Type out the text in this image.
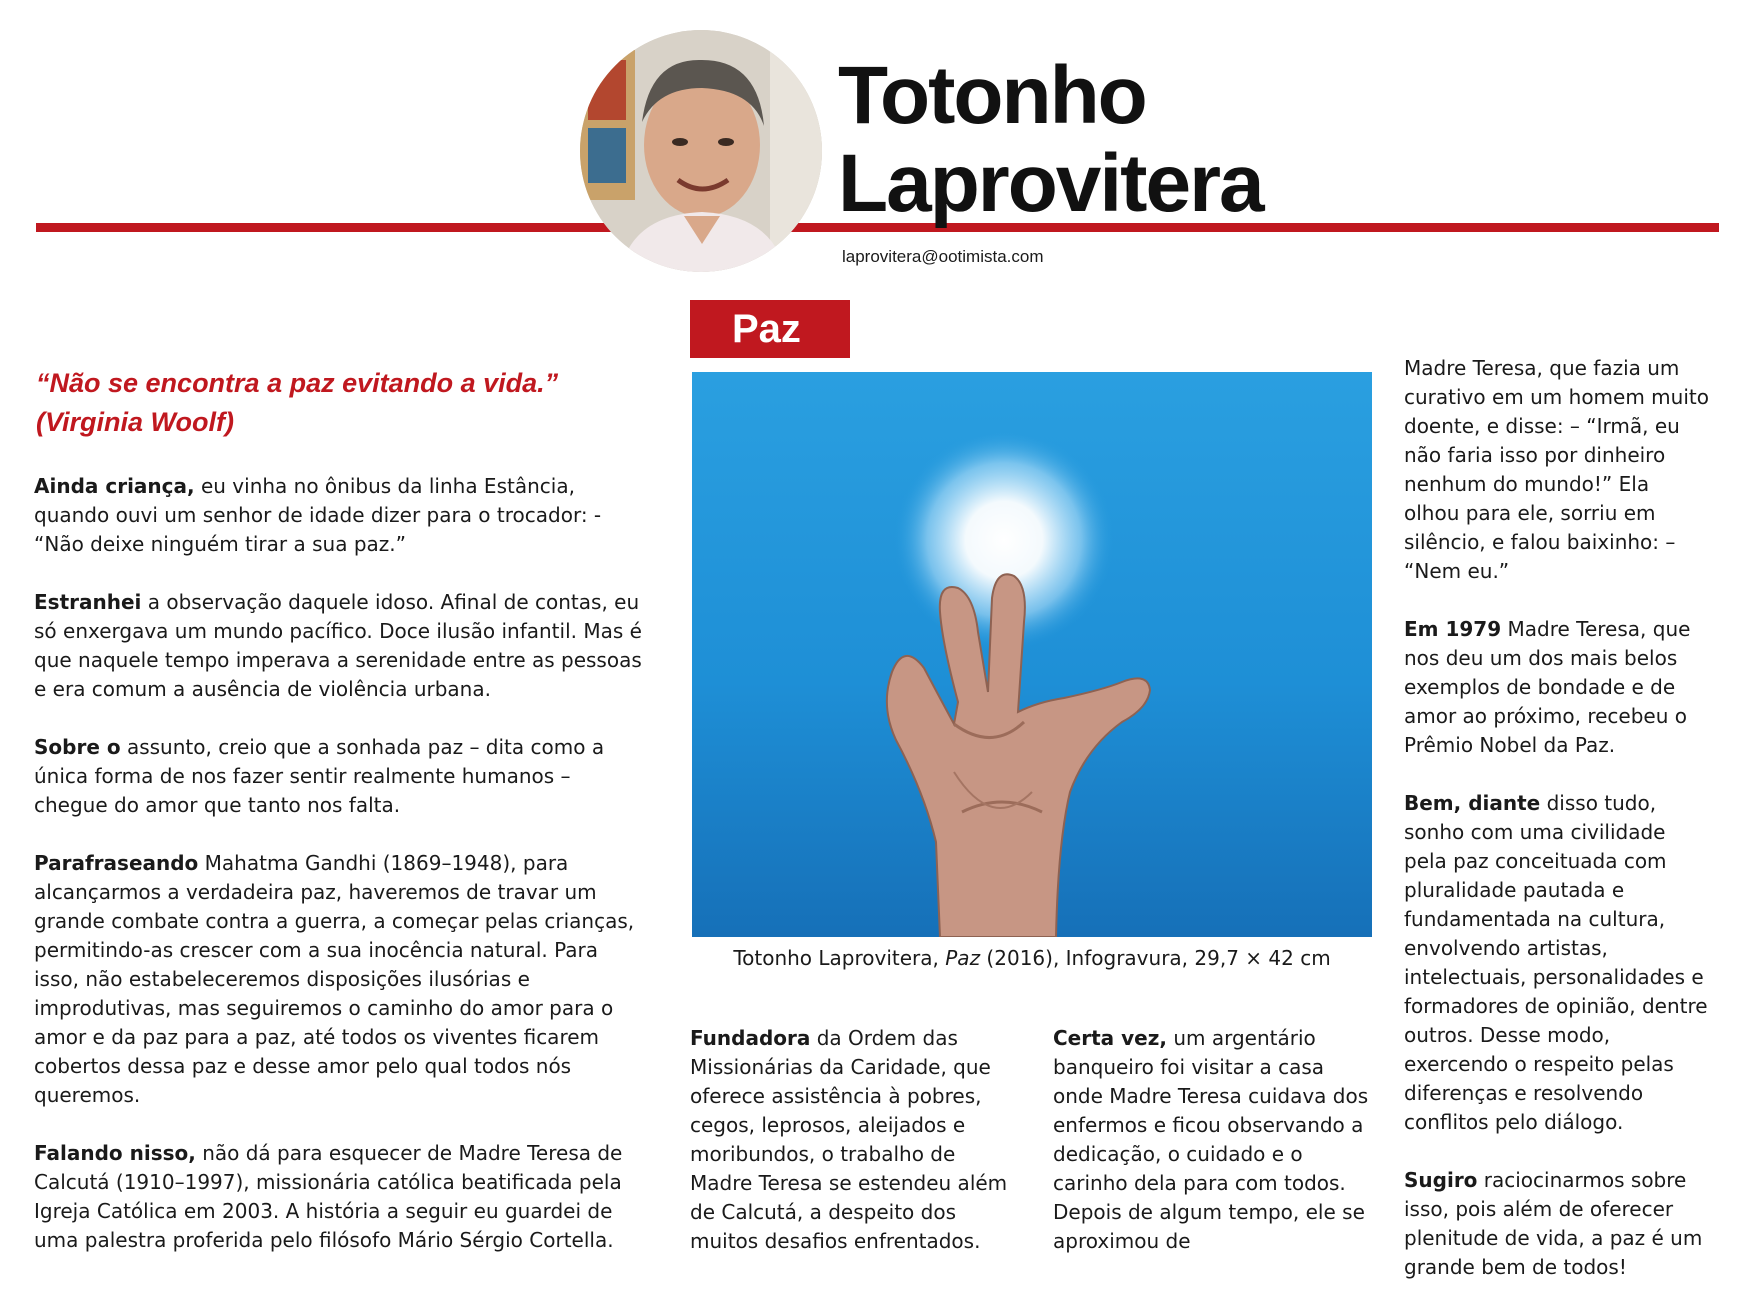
Totonho
Laprovitera
laprovitera@ootimista.com
Paz
“Não se encontra a paz evitando a vida.”
(Virginia Woolf)

Ainda criança, eu vinha no ônibus da linha Estância, quando ouvi um senhor de idade dizer para o trocador: - “Não deixe ninguém tirar a sua paz.”

Estranhei a observação daquele idoso. Afinal de contas, eu só enxergava um mundo pacífico. Doce ilusão infantil. Mas é que naquele tempo imperava a serenidade entre as pessoas e era comum a ausência de violência urbana.

Sobre o assunto, creio que a sonhada paz – dita como a única forma de nos fazer sentir realmente humanos – chegue do amor que tanto nos falta.

Parafraseando Mahatma Gandhi (1869–1948), para alcançarmos a verdadeira paz, haveremos de travar um grande combate contra a guerra, a começar pelas crianças, permitindo-as crescer com a sua inocência natural. Para isso, não estabeleceremos disposições ilusórias e improdutivas, mas seguiremos o caminho do amor para o amor e da paz para a paz, até todos os viventes ficarem cobertos dessa paz e desse amor pelo qual todos nós queremos.

Falando nisso, não dá para esquecer de Madre Teresa de Calcutá (1910–1997), missionária católica beatificada pela Igreja Católica em 2003. A história a seguir eu guardei de uma palestra proferida pelo filósofo Mário Sérgio Cortella.

Totonho Laprovitera, Paz (2016), Infogravura, 29,7 × 42 cm

Fundadora da Ordem das Missionárias da Caridade, que oferece assistência à pobres, cegos, leprosos, aleijados e moribundos, o trabalho de Madre Teresa se estendeu além de Calcutá, a despeito dos muitos desafios enfrentados.

Certa vez, um argentário banqueiro foi visitar a casa onde Madre Teresa cuidava dos enfermos e ficou observando a dedicação, o cuidado e o carinho dela para com todos. Depois de algum tempo, ele se aproximou de

Madre Teresa, que fazia um curativo em um homem muito doente, e disse: – “Irmã, eu não faria isso por dinheiro nenhum do mundo!” Ela olhou para ele, sorriu em silêncio, e falou baixinho: – “Nem eu.”

Em 1979 Madre Teresa, que nos deu um dos mais belos exemplos de bondade e de amor ao próximo, recebeu o Prêmio Nobel da Paz.

Bem, diante disso tudo, sonho com uma civilidade pela paz conceituada com pluralidade pautada e fundamentada na cultura, envolvendo artistas, intelectuais, personalidades e formadores de opinião, dentre outros. Desse modo, exercendo o respeito pelas diferenças e resolvendo conflitos pelo diálogo.

Sugiro raciocinarmos sobre isso, pois além de oferecer plenitude de vida, a paz é um grande bem de todos!
